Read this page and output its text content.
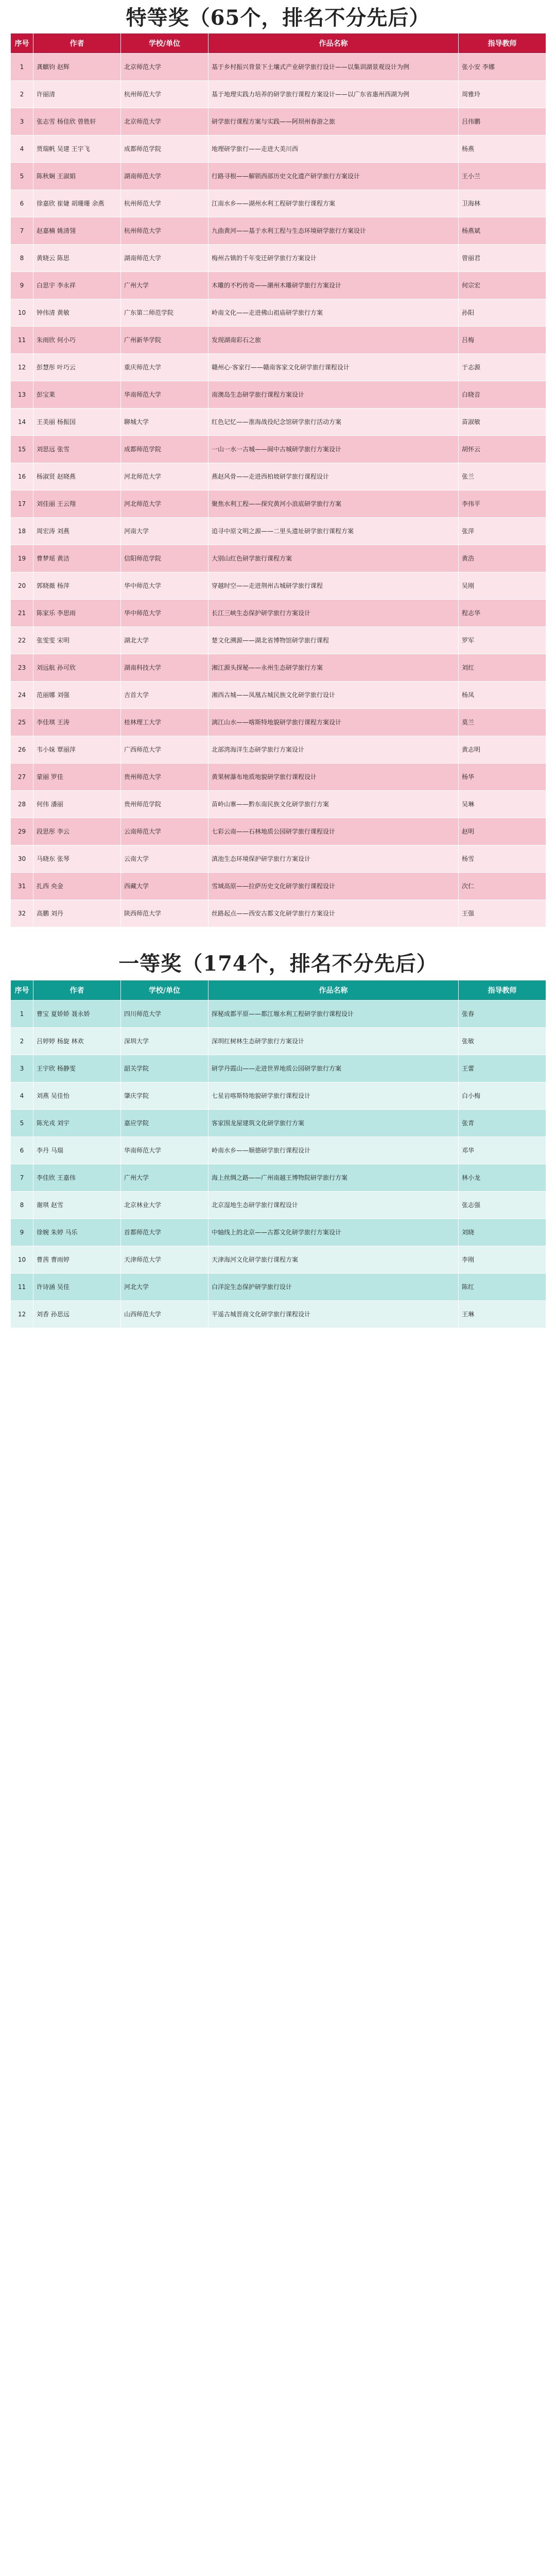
特等奖（65个，排名不分先后）
序号	作者	学校/单位	作品名称	指导教师
1	龚麒钧 赵辉	北京师范大学	基于乡村振兴背景下土壤式产业研学旅行设计——以集训湖景观设计为例	张小安 李娜
2	许丽清	杭州师范大学	基于地理实践力培养的研学旅行课程方案设计——以广东省惠州西湖为例	周雅玲
3	张志雪 杨佳欣 曾胜轩	北京师范大学	研学旅行课程方案与实践——阿坝州春游之旅	吕伟鹏
4	贾瑞帆 吴建 王宇飞	成都师范学院	地理研学旅行——走进大美川西	杨燕
5	陈秋娴 王淑娟	湖南师范大学	行路寻根——解锁西部历史文化遗产研学旅行方案设计	王小兰
6	徐嘉欣 崔婕 胡珊珊 余燕	杭州师范大学	江南水乡——湖州水利工程研学旅行课程方案	卫海林
7	赵嘉楠 姚清翎	杭州师范大学	九曲黄河——基于水利工程与生态环境研学旅行方案设计	杨燕斌
8	黄晓云 陈思	湖南师范大学	梅州古镇的千年变迁研学旅行方案设计	曾丽君
9	白思宇 李永祥	广州大学	木雕的不朽传奇——潮州木雕研学旅行方案设计	何宗宏
10	钟伟清 黄敏	广东第二师范学院	岭南文化——走进佛山祖庙研学旅行方案	孙阳
11	朱雨欣 何小巧	广州新华学院	发现湖南彩石之旅	吕梅
12	彭慧彤 叶巧云	重庆师范大学	赣州心·客家行——赣南客家文化研学旅行课程设计	于志源
13	彭宝莱	华南师范大学	南澳岛生态研学旅行课程方案设计	白晓音
14	王美丽 杨振国	聊城大学	红色记忆——淮海战役纪念馆研学旅行活动方案	苗淑敏
15	刘思远 张雪	成都师范学院	一山一水一古城——阆中古城研学旅行方案设计	胡怀云
16	杨淑贤 赵晓燕	河北师范大学	燕赵风骨——走进西柏坡研学旅行课程设计	张兰
17	刘佳丽 王云翔	河北师范大学	聚焦水利工程——探究黄河小浪底研学旅行方案	李伟平
18	周宏涛 刘燕	河南大学	追寻中原文明之源——二里头遗址研学旅行课程方案	张萍
19	曹梦瑶 黄洁	信阳师范学院	大别山红色研学旅行课程方案	黄浩
20	郭晓薇 杨萍	华中师范大学	穿越时空——走进荆州古城研学旅行课程	吴刚
21	陈家乐 李思雨	华中师范大学	长江三峡生态保护研学旅行方案设计	程志华
22	张雯雯 宋明	湖北大学	楚文化溯源——湖北省博物馆研学旅行课程	罗军
23	刘远航 孙可欣	湖南科技大学	湘江源头探秘——永州生态研学旅行方案	刘红
24	范丽娜 刘强	吉首大学	湘西古城——凤凰古城民族文化研学旅行设计	杨凤
25	李佳琪 王涛	桂林理工大学	漓江山水——喀斯特地貌研学旅行课程方案设计	莫兰
26	韦小妹 覃丽萍	广西师范大学	北部湾海洋生态研学旅行方案设计	黄志明
27	蒙丽 罗佳	贵州师范大学	黄果树瀑布地质地貌研学旅行课程设计	杨华
28	何伟 潘丽	贵州师范学院	苗岭山寨——黔东南民族文化研学旅行方案	吴琳
29	段思彤 李云	云南师范大学	七彩云南——石林地质公园研学旅行课程设计	赵明
30	马晓东 张琴	云南大学	滇池生态环境保护研学旅行方案设计	杨雪
31	扎西 央金	西藏大学	雪域高原——拉萨历史文化研学旅行课程设计	次仁
32	高鹏 刘丹	陕西师范大学	丝路起点——西安古都文化研学旅行方案设计	王强
一等奖（174个，排名不分先后）
序号	作者	学校/单位	作品名称	指导教师
1	曹宝 夏娇娇 聂永娇	四川师范大学	探秘成都平原——都江堰水利工程研学旅行课程设计	张春
2	吕婷婷 杨旋 林欢	深圳大学	深圳红树林生态研学旅行方案设计	张敏
3	王宇欣 杨静雯	韶关学院	研学丹霞山——走进世界地质公园研学旅行方案	王蕾
4	刘燕 吴佳怡	肇庆学院	七星岩喀斯特地貌研学旅行课程设计	白小梅
5	陈光戎 刘宇	嘉应学院	客家围龙屋建筑文化研学旅行方案	张青
6	李丹 马瑞	华南师范大学	岭南水乡——顺德研学旅行课程设计	邓华
7	李佳欣 王嘉伟	广州大学	海上丝绸之路——广州南越王博物院研学旅行方案	林小龙
8	谢琪 赵雪	北京林业大学	北京湿地生态研学旅行课程设计	张志强
9	徐婉 朱婷 马乐	首都师范大学	中轴线上的北京——古都文化研学旅行方案设计	刘晓
10	曹茜 曹雨婷	天津师范大学	天津海河文化研学旅行课程方案	李刚
11	许诗涵 吴佳	河北大学	白洋淀生态保护研学旅行设计	陈红
12	刘香 孙思远	山西师范大学	平遥古城晋商文化研学旅行课程设计	王琳
